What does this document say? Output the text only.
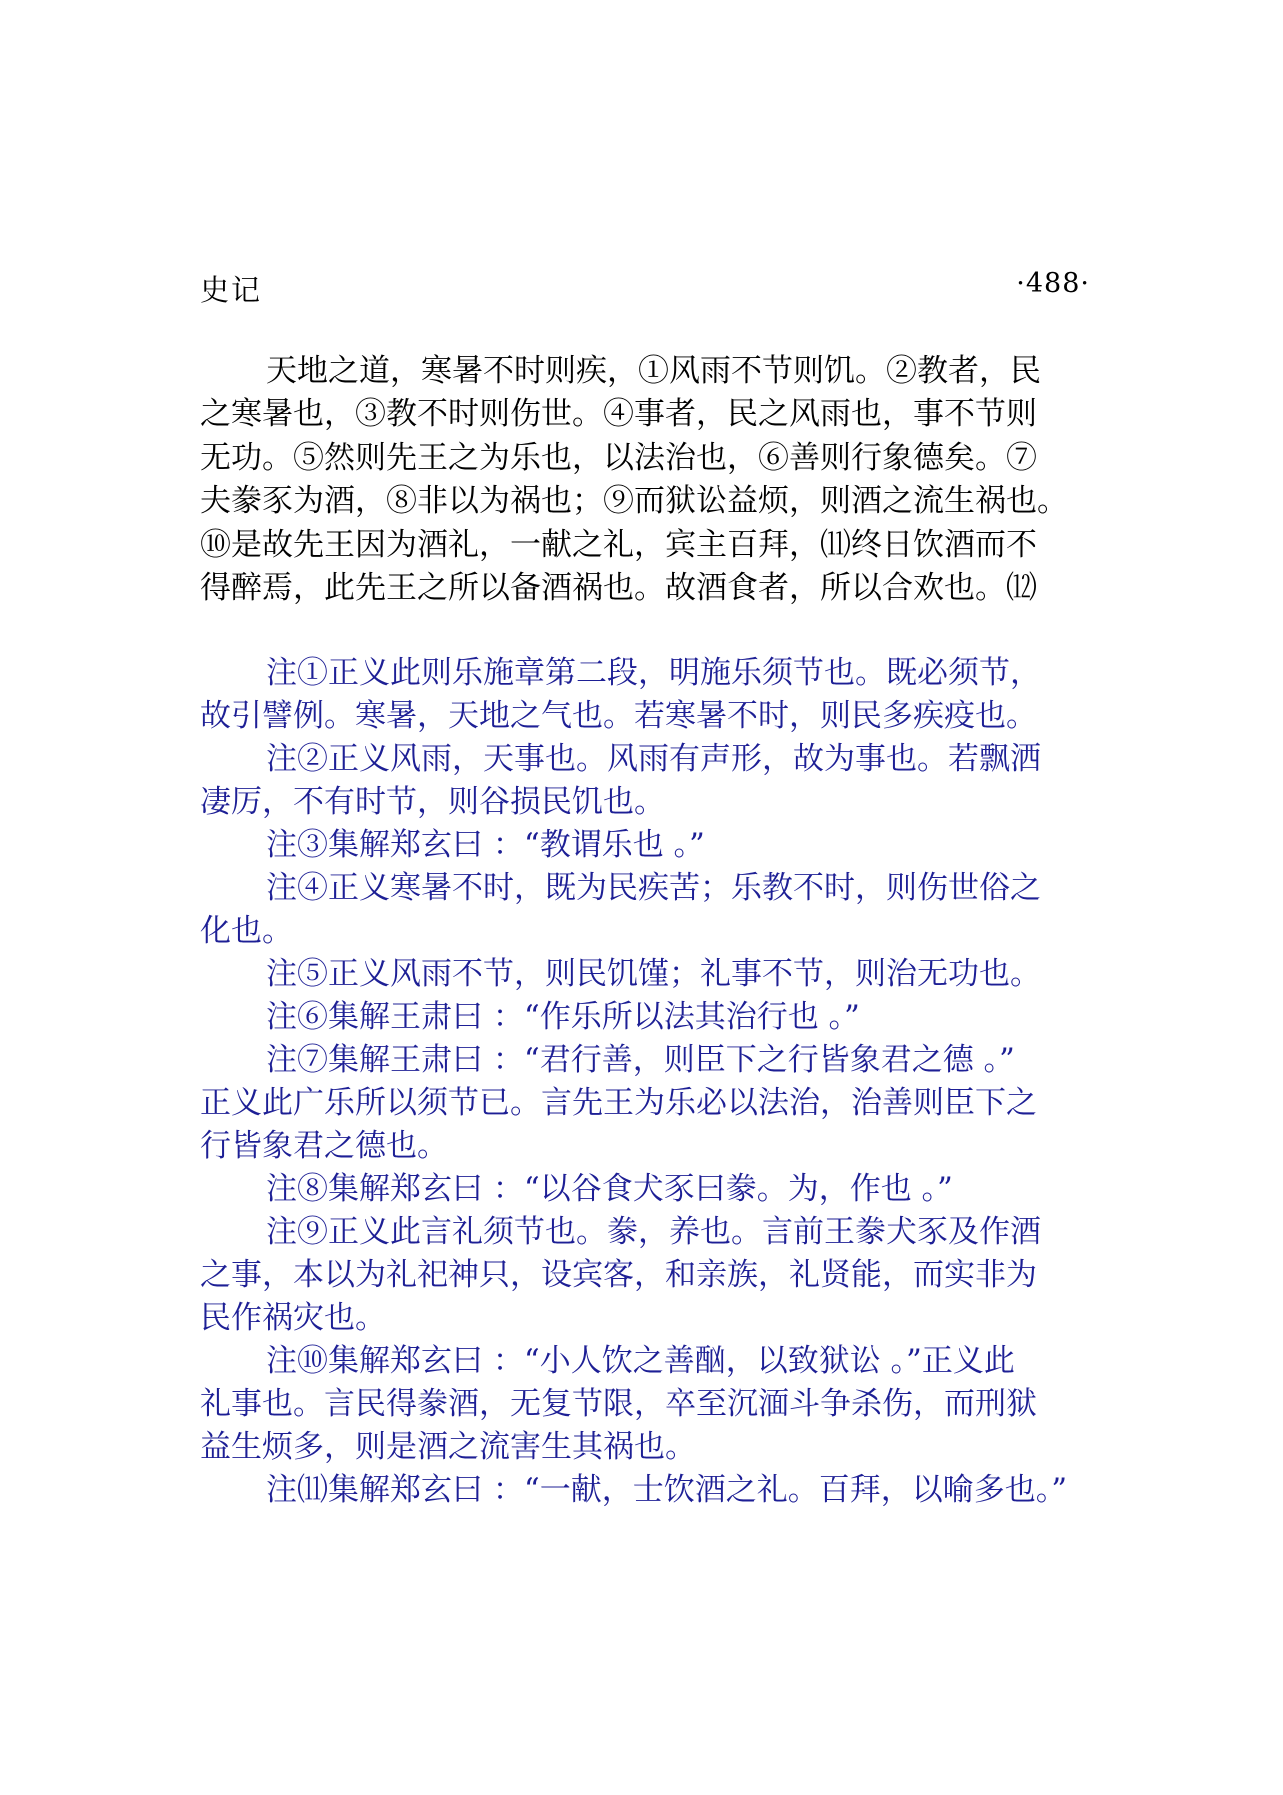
史记	·488·

天地之道，寒暑不时则疾，①风雨不节则饥。②教者，民
之寒暑也，③教不时则伤世。④事者，民之风雨也，事不节则
无功。⑤然则先王之为乐也，以法治也，⑥善则行象德矣。⑦
夫豢豕为酒，⑧非以为祸也；⑨而狱讼益烦，则酒之流生祸也。
⑩是故先王因为酒礼，一献之礼，宾主百拜，⑾终日饮酒而不
得醉焉，此先王之所以备酒祸也。故酒食者，所以合欢也。⑿

注①正义此则乐施章第二段，明施乐须节也。既必须节，
故引譬例。寒暑，天地之气也。若寒暑不时，则民多疾疫也。

注②正义风雨，天事也。风雨有声形，故为事也。若飘洒
凄厉，不有时节，则谷损民饥也。

注③集解郑玄曰 ：“教谓乐也 。”

注④正义寒暑不时，既为民疾苦；乐教不时，则伤世俗之
化也。

注⑤正义风雨不节，则民饥馑；礼事不节，则治无功也。

注⑥集解王肃曰 ：“作乐所以法其治行也 。”

注⑦集解王肃曰 ：“君行善，则臣下之行皆象君之德 。”
正义此广乐所以须节已。言先王为乐必以法治，治善则臣下之
行皆象君之德也。

注⑧集解郑玄曰 ：“以谷食犬豕曰豢。为，作也 。”

注⑨正义此言礼须节也。豢，养也。言前王豢犬豕及作酒
之事，本以为礼祀神只，设宾客，和亲族，礼贤能，而实非为
民作祸灾也。

注⑩集解郑玄曰 ：“小人饮之善酗，以致狱讼 。”正义此
礼事也。言民得豢酒，无复节限，卒至沉湎斗争杀伤，而刑狱
益生烦多，则是酒之流害生其祸也。

注⑾集解郑玄曰 ：“一献，士饮酒之礼。百拜，以喻多也。”
